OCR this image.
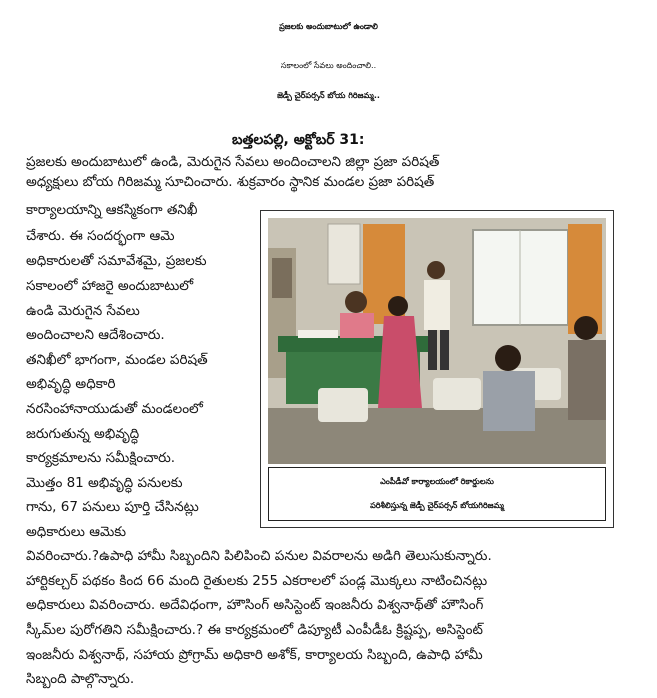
ప్రజలకు అందుబాటులో ఉండాలి
సకాలంలో సేవలు అందించాలి..
జెడ్పీ చైర్‌పర్సన్ బోయ గిరిజమ్మ..
బత్తలపల్లి, అక్టోబర్ 31:
ప్రజలకు అందుబాటులో ఉండి, మెరుగైన సేవలు అందించాలని జిల్లా ప్రజా పరిషత్
అధ్యక్షులు బోయ గిరిజమ్మ సూచించారు. శుక్రవారం స్థానిక మండల ప్రజా పరిషత్
కార్యాలయాన్ని ఆకస్మికంగా తనిఖీ
చేశారు. ఈ సందర్భంగా ఆమె
అధికారులతో సమావేశమై, ప్రజలకు
సకాలంలో హాజరై అందుబాటులో
ఉండి మెరుగైన సేవలు
అందించాలని ఆదేశించారు.
తనిఖీలో భాగంగా, మండల పరిషత్
అభివృద్ధి అధికారి
నరసింహానాయుడుతో మండలంలో
జరుగుతున్న అభివృద్ధి
కార్యక్రమాలను సమీక్షించారు.
మొత్తం 81 అభివృద్ధి పనులకు
గాను, 67 పనులు పూర్తి చేసినట్లు
అధికారులు ఆమెకు
వివరించారు.?ఉపాధి హామీ సిబ్బందిని పిలిపించి పనుల వివరాలను అడిగి తెలుసుకున్నారు.
హార్టికల్చర్ పథకం కింద 66 మంది రైతులకు 255 ఎకరాలలో పండ్ల మొక్కలు నాటించినట్లు
అధికారులు వివరించారు. అదేవిధంగా, హౌసింగ్ అసిస్టెంట్ ఇంజనీరు విశ్వనాథ్‌తో హౌసింగ్
స్కీమ్‌ల పురోగతిని సమీక్షించారు.? ఈ కార్యక్రమంలో డిప్యూటీ ఎంపీడీఓ క్రిష్టప్ప, అసిస్టెంట్
ఇంజనీరు విశ్వనాథ్, సహాయ ప్రోగ్రామ్ అధికారి అశోక్, కార్యాలయ సిబ్బంది, ఉపాధి హామీ
సిబ్బంది పాల్గొన్నారు.
ఎంపీడీవో కార్యాలయంలో రికార్డులను
పరిశీలిస్తున్న జెడ్పీ చైర్‌పర్సన్ బోయగిరిజమ్మ
